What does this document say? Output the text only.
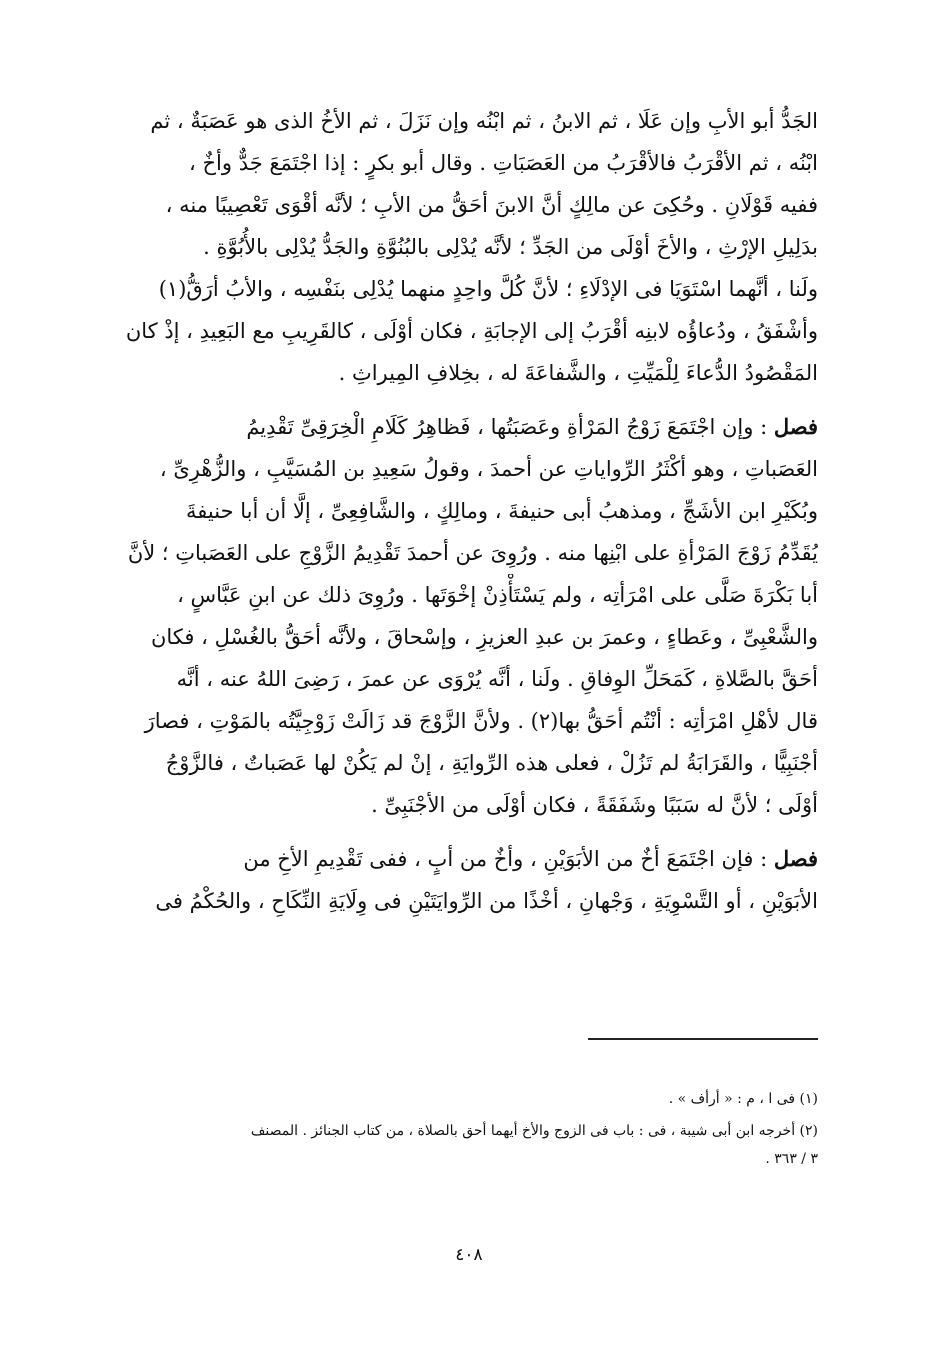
الجَدُّ أبو الأبِ وإن عَلَا ، ثم الابنُ ، ثم ابْنُه وإن نَزَلَ ، ثم الأخُ الذى هو عَصَبَةٌ ، ثم
ابْنُه ، ثم الأقْرَبُ فالأقْرَبُ من العَصَبَاتِ . وقال أبو بكرٍ : إذا اجْتَمَعَ جَدٌّ وأخٌ ،
ففيه قَوْلَانِ . وحُكِىَ عن مالِكٍ أنَّ الابنَ أحَقُّ من الأبِ ؛ لأنَّه أقْوَى تَعْصِيبًا منه ،
بدَلِيلِ الإرْثِ ، والأخَ أوْلَى من الجَدِّ ؛ لأنَّه يُدْلِى بالبُنُوَّةِ والجَدُّ يُدْلِى بالأُبُوَّةِ .
ولَنا ، أنَّهما اسْتَوَيَا فى الإدْلَاءِ ؛ لأنَّ كُلَّ واحِدٍ منهما يُدْلِى بنَفْسِه ، والأبُ أرَقُّ(١)
وأشْفَقُ ، ودُعاؤُه لابنِه أقْرَبُ إلى الإجابَةِ ، فكان أوْلَى ، كالقَرِيبِ مع البَعِيدِ ، إذْ كان
المَقْصُودُ الدُّعاءَ لِلْمَيِّتِ ، والشَّفاعَةَ له ، بخِلافِ المِيراثِ .
فصل : وإن اجْتَمَعَ زَوْجُ المَرْأةِ وعَصَبَتُها ، فَظاهِرُ كَلَامِ الْخِرَقِىِّ تَقْدِيمُ
العَصَباتِ ، وهو أكْثَرُ الرِّواياتِ عن أحمدَ ، وقولُ سَعِيدِ بن المُسَيَّبِ ، والزُّهْرِىِّ ،
وبُكَيْرِ ابن الأشَجِّ ، ومذهبُ أبى حنيفةَ ، ومالِكٍ ، والشَّافِعِىِّ ، إلَّا أن أبا حنيفةَ
يُقَدِّمُ زَوْجَ المَرْأةِ على ابْنِها منه . ورُوِىَ عن أحمدَ تَقْدِيمُ الزَّوْجِ على العَصَباتِ ؛ لأنَّ
أبا بَكْرَةَ صَلَّى على امْرَأتِه ، ولم يَسْتَأْذِنْ إخْوَتَها . ورُوِىَ ذلك عن ابنِ عَبَّاسٍ ،
والشَّعْبِىِّ ، وعَطاءٍ ، وعمرَ بن عبدِ العزيزِ ، وإسْحاقَ ، ولأنَّه أحَقُّ بالغُسْلِ ، فكان
أحَقَّ بالصَّلاةِ ، كَمَحَلِّ الوِفاقِ . ولَنا ، أنَّه يُرْوَى عن عمرَ ، رَضِىَ اللهُ عنه ، أنَّه
قال لأهْلِ امْرَأتِه : أنْتُم أحَقُّ بها(٢) . ولأنَّ الزَّوْجَ قد زَالَتْ زَوْجِيَّتُه بالمَوْتِ ، فصارَ
أجْنَبِيًّا ، والقَرَابَةُ لم تَزُلْ ، فعلى هذه الرِّوايَةِ ، إنْ لم يَكُنْ لها عَصَباتٌ ، فالزَّوْجُ
أوْلَى ؛ لأنَّ له سَبَبًا وشَفَقَةً ، فكان أوْلَى من الأجْنَبِىِّ .
فصل : فإن اجْتَمَعَ أخٌ من الأبَوَيْنِ ، وأخٌ من أبٍ ، ففى تَقْدِيمِ الأخِ من
الأبَوَيْنِ ، أو التَّسْوِيَةِ ، وَجْهانِ ، أخْذًا من الرِّوايَتَيْنِ فى وِلَايَةِ النِّكَاحِ ، والحُكْمُ فى
(١) فى ا ، م : « أرأف » .
(٢) أخرجه ابن أبى شيبة ، فى : باب فى الزوج والأخ أيهما أحق بالصلاة ، من كتاب الجنائز . المصنف
٣ / ٣٦٣ .
٤٠٨
